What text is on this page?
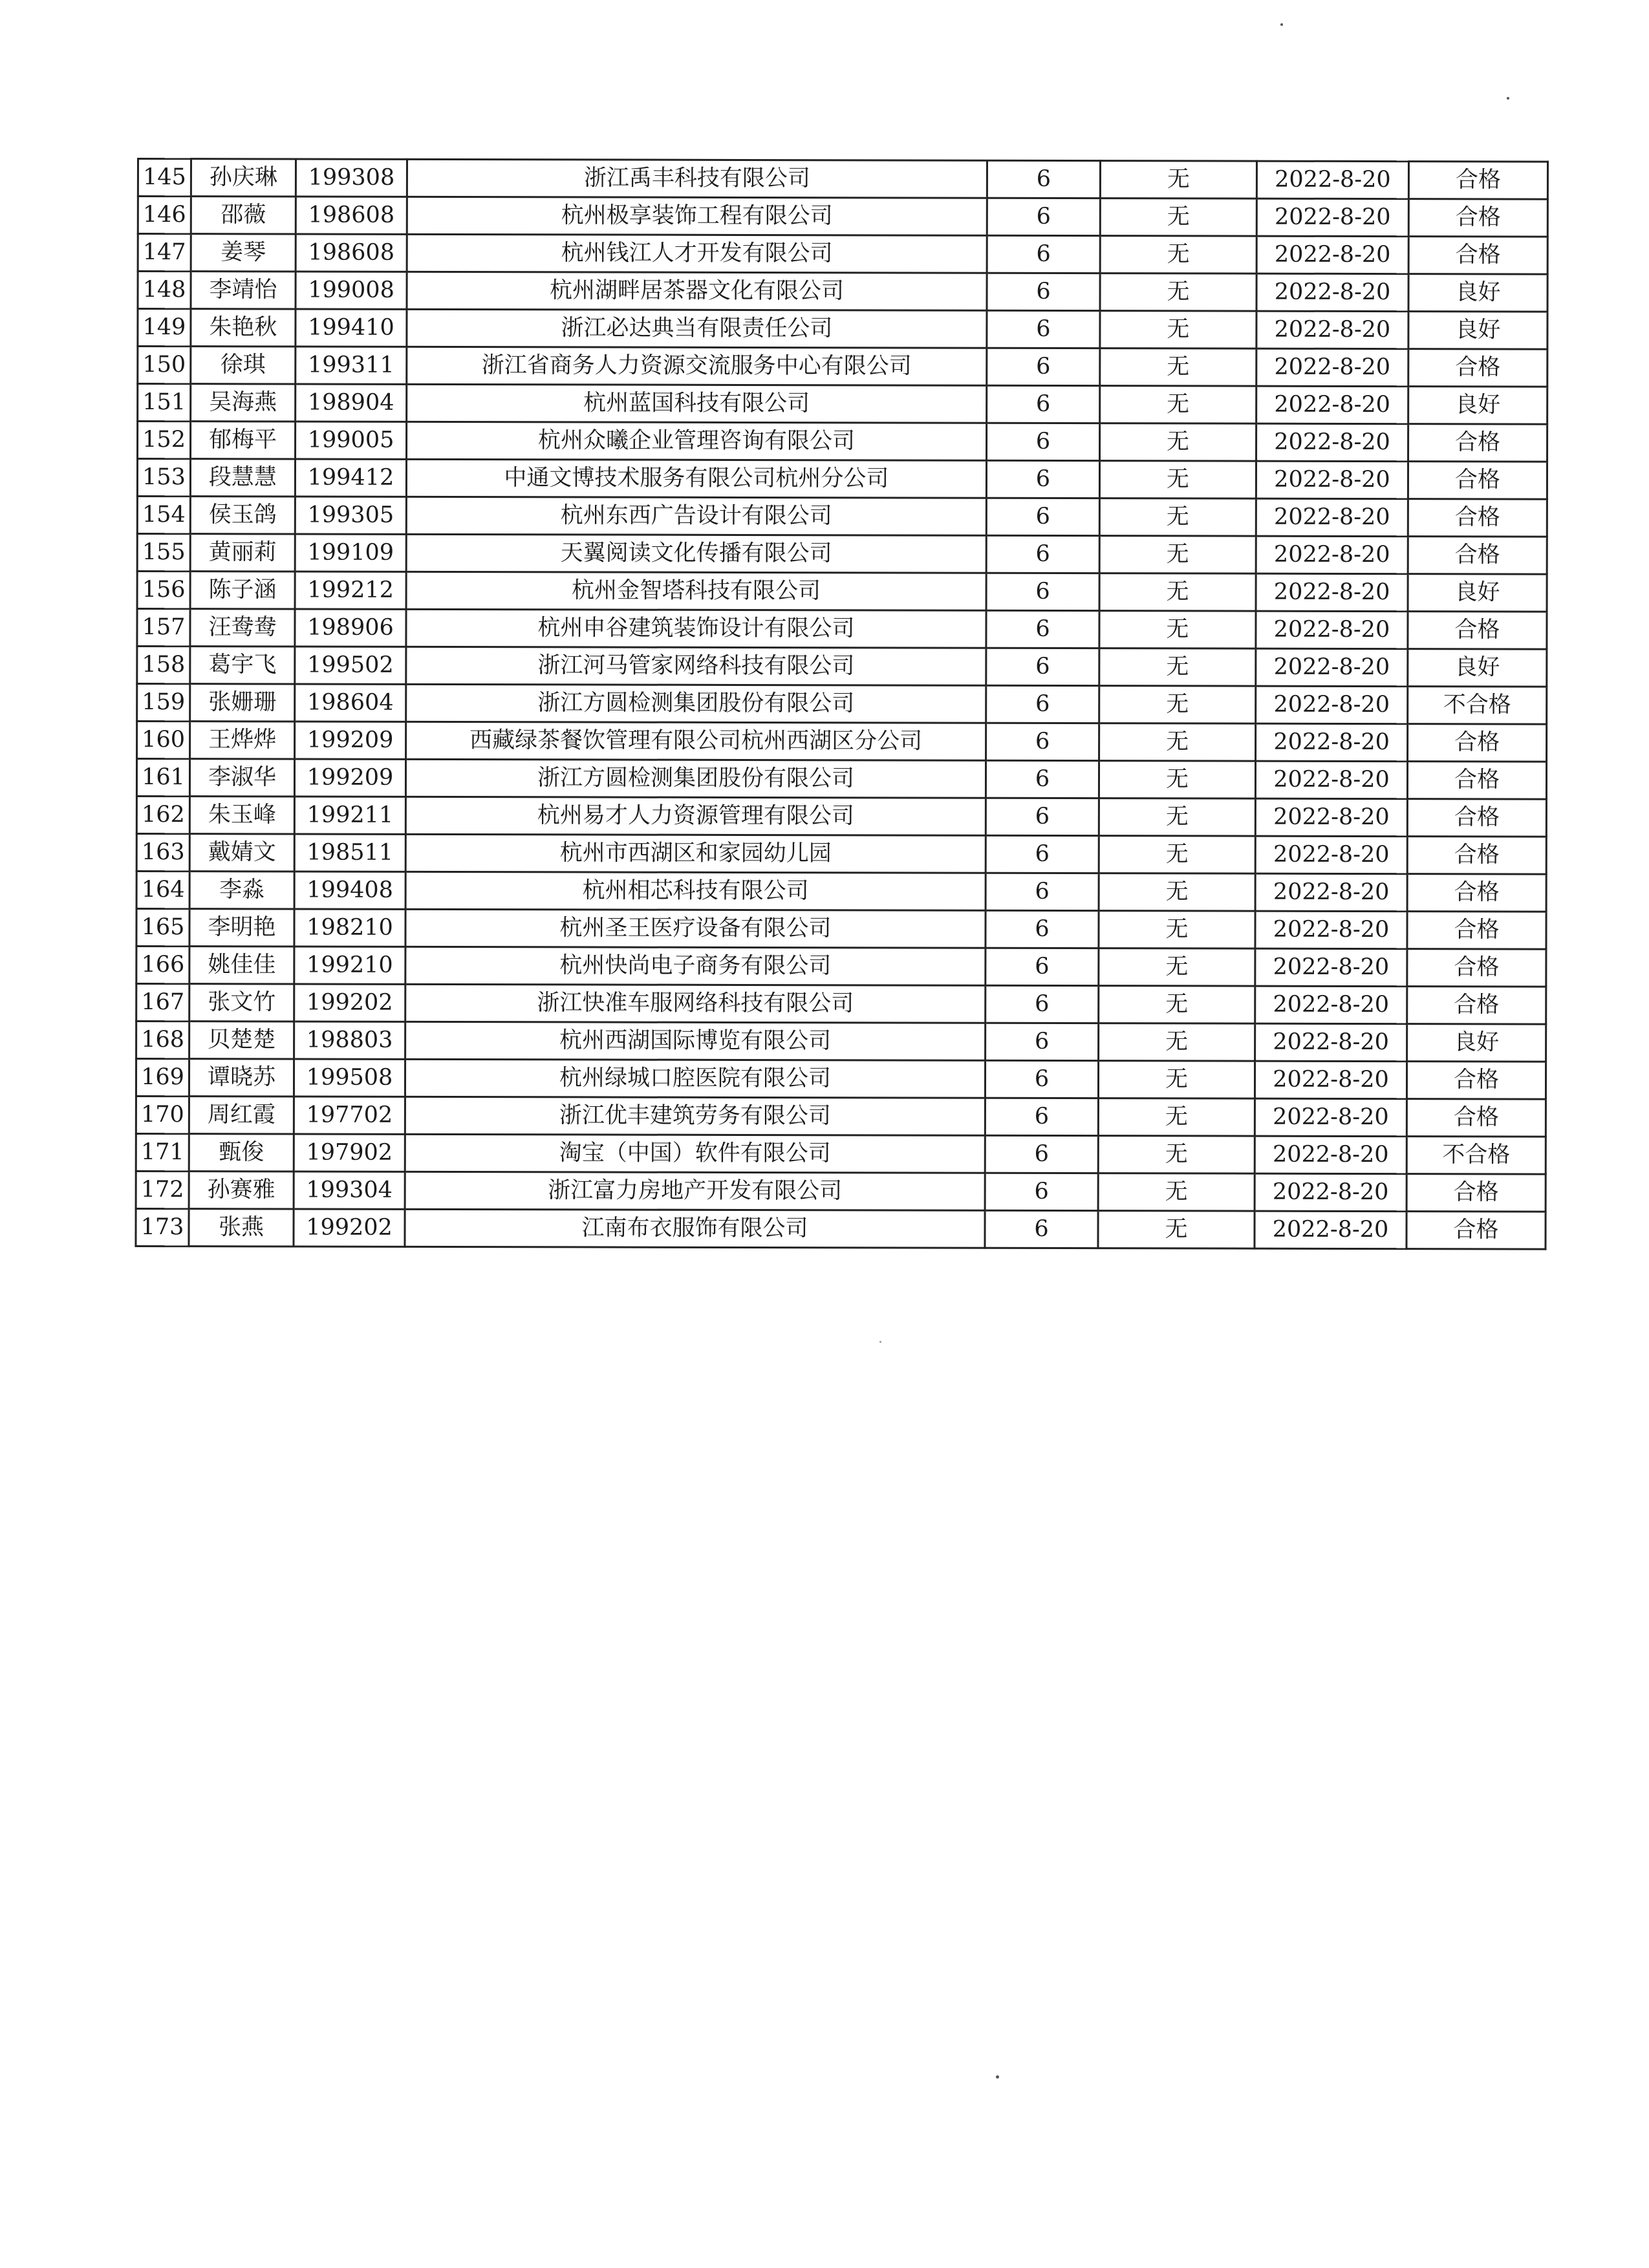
145	孙庆琳	199308	浙江禹丰科技有限公司	6	无	2022-8-20	合格
146	邵薇	198608	杭州极享装饰工程有限公司	6	无	2022-8-20	合格
147	姜琴	198608	杭州钱江人才开发有限公司	6	无	2022-8-20	合格
148	李靖怡	199008	杭州湖畔居茶器文化有限公司	6	无	2022-8-20	良好
149	朱艳秋	199410	浙江必达典当有限责任公司	6	无	2022-8-20	良好
150	徐琪	199311	浙江省商务人力资源交流服务中心有限公司	6	无	2022-8-20	合格
151	吴海燕	198904	杭州蓝国科技有限公司	6	无	2022-8-20	良好
152	郁梅平	199005	杭州众曦企业管理咨询有限公司	6	无	2022-8-20	合格
153	段慧慧	199412	中通文博技术服务有限公司杭州分公司	6	无	2022-8-20	合格
154	侯玉鸽	199305	杭州东西广告设计有限公司	6	无	2022-8-20	合格
155	黄丽莉	199109	天翼阅读文化传播有限公司	6	无	2022-8-20	合格
156	陈子涵	199212	杭州金智塔科技有限公司	6	无	2022-8-20	良好
157	汪鸯鸯	198906	杭州申谷建筑装饰设计有限公司	6	无	2022-8-20	合格
158	葛宇飞	199502	浙江河马管家网络科技有限公司	6	无	2022-8-20	良好
159	张姗珊	198604	浙江方圆检测集团股份有限公司	6	无	2022-8-20	不合格
160	王烨烨	199209	西藏绿茶餐饮管理有限公司杭州西湖区分公司	6	无	2022-8-20	合格
161	李淑华	199209	浙江方圆检测集团股份有限公司	6	无	2022-8-20	合格
162	朱玉峰	199211	杭州易才人力资源管理有限公司	6	无	2022-8-20	合格
163	戴婧文	198511	杭州市西湖区和家园幼儿园	6	无	2022-8-20	合格
164	李淼	199408	杭州相芯科技有限公司	6	无	2022-8-20	合格
165	李明艳	198210	杭州圣王医疗设备有限公司	6	无	2022-8-20	合格
166	姚佳佳	199210	杭州快尚电子商务有限公司	6	无	2022-8-20	合格
167	张文竹	199202	浙江快准车服网络科技有限公司	6	无	2022-8-20	合格
168	贝楚楚	198803	杭州西湖国际博览有限公司	6	无	2022-8-20	良好
169	谭晓苏	199508	杭州绿城口腔医院有限公司	6	无	2022-8-20	合格
170	周红霞	197702	浙江优丰建筑劳务有限公司	6	无	2022-8-20	合格
171	甄俊	197902	淘宝（中国）软件有限公司	6	无	2022-8-20	不合格
172	孙赛雅	199304	浙江富力房地产开发有限公司	6	无	2022-8-20	合格
173	张燕	199202	江南布衣服饰有限公司	6	无	2022-8-20	合格
